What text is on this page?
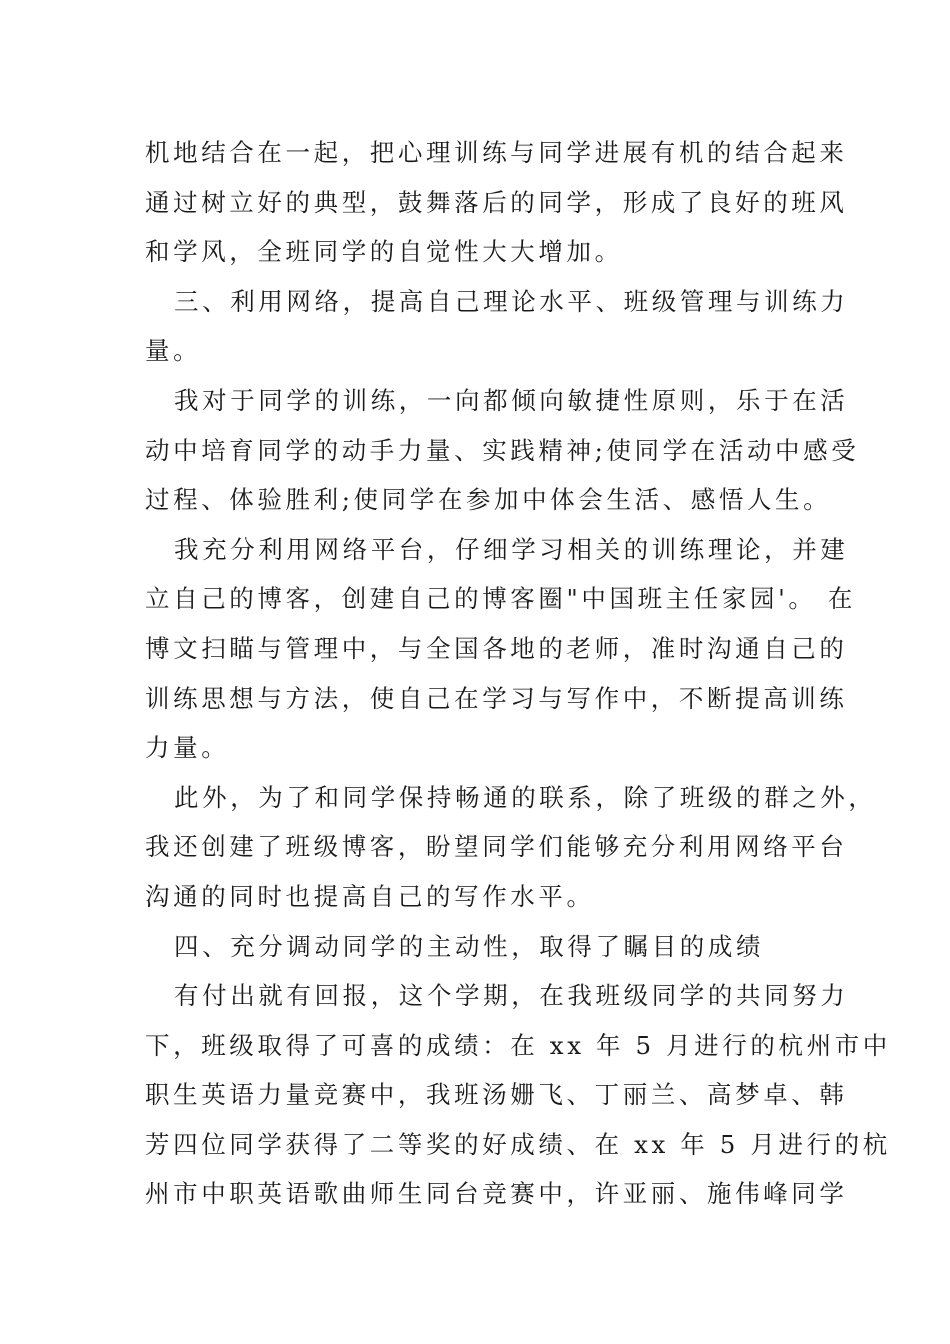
机地结合在一起，把心理训练与同学进展有机的结合起来
通过树立好的典型，鼓舞落后的同学，形成了良好的班风
和学风，全班同学的自觉性大大增加。
三、利用网络，提高自己理论水平、班级管理与训练力
量。
我对于同学的训练，一向都倾向敏捷性原则，乐于在活
动中培育同学的动手力量、实践精神;使同学在活动中感受
过程、体验胜利;使同学在参加中体会生活、感悟人生。
我充分利用网络平台，仔细学习相关的训练理论，并建
立自己的博客，创建自己的博客圈"中国班主任家园'。 在
博文扫瞄与管理中，与全国各地的老师，准时沟通自己的
训练思想与方法，使自己在学习与写作中，不断提高训练
力量。
此外，为了和同学保持畅通的联系，除了班级的群之外，
我还创建了班级博客，盼望同学们能够充分利用网络平台
沟通的同时也提高自己的写作水平。
四、充分调动同学的主动性，取得了瞩目的成绩
有付出就有回报，这个学期，在我班级同学的共同努力
下，班级取得了可喜的成绩：在 xx 年 5 月进行的杭州市中
职生英语力量竞赛中，我班汤姗飞、丁丽兰、高梦卓、韩
芳四位同学获得了二等奖的好成绩、在 xx 年 5 月进行的杭
州市中职英语歌曲师生同台竞赛中，许亚丽、施伟峰同学
